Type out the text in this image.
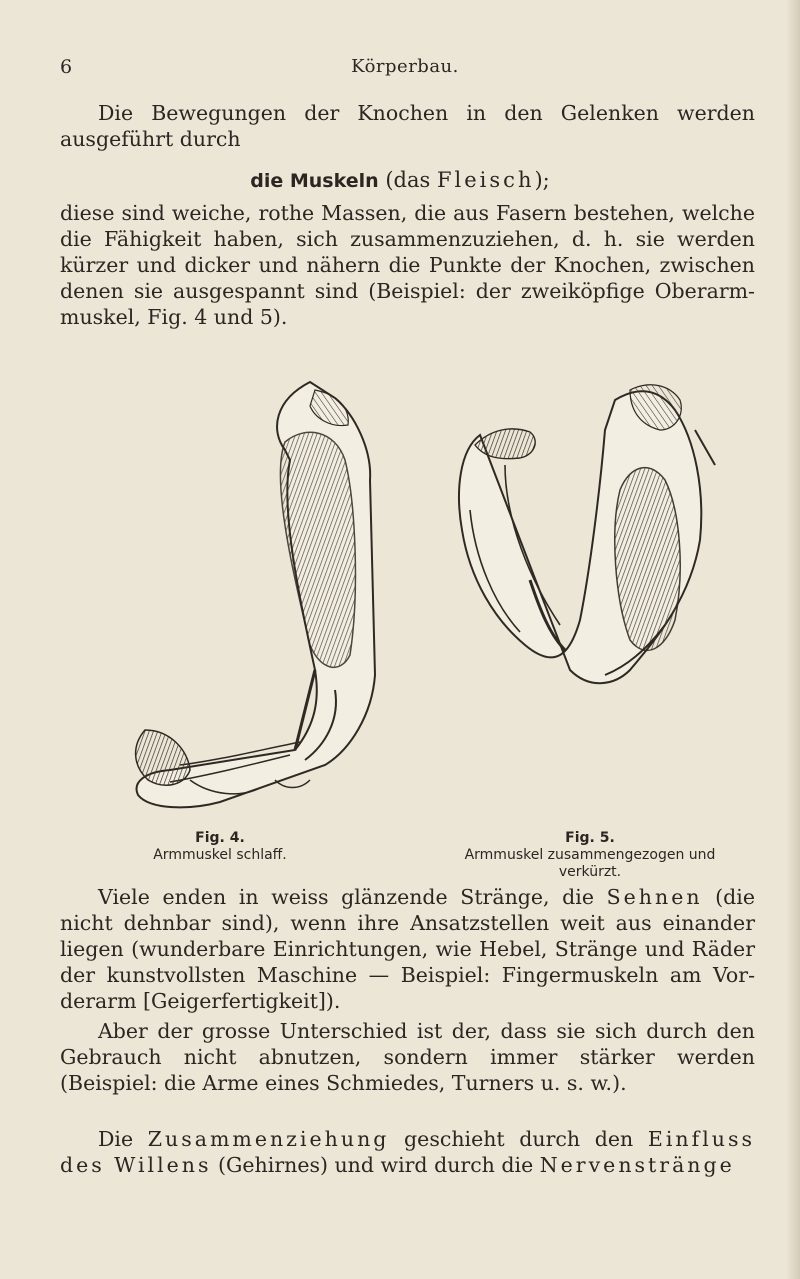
6	Körperbau.

Die Bewegungen der Knochen in den Gelenken werden ausgeführt durch

die Muskeln (das Fleisch);

diese sind weiche, rothe Massen, die aus Fasern bestehen, welche die Fähigkeit haben, sich zusammenzuziehen, d. h. sie werden kürzer und dicker und nähern die Punkte der Knochen, zwischen denen sie ausgespannt sind (Beispiel: der zweiköpfige Oberarm-muskel, Fig. 4 und 5).

Fig. 4.
Armmuskel schlaff.
Fig. 5.
Armmuskel zusammengezogen und verkürzt.

Viele enden in weiss glänzende Stränge, die Sehnen (die nicht dehnbar sind), wenn ihre Ansatzstellen weit aus einander liegen (wunderbare Einrichtungen, wie Hebel, Stränge und Räder der kunstvollsten Maschine — Beispiel: Fingermuskeln am Vor-derarm [Geigerfertigkeit]).

Aber der grosse Unterschied ist der, dass sie sich durch den Gebrauch nicht abnutzen, sondern immer stärker werden (Beispiel: die Arme eines Schmiedes, Turners u. s. w.).

Die Zusammenziehung geschieht durch den Einfluss des Willens (Gehirnes) und wird durch die Nervenstränge
